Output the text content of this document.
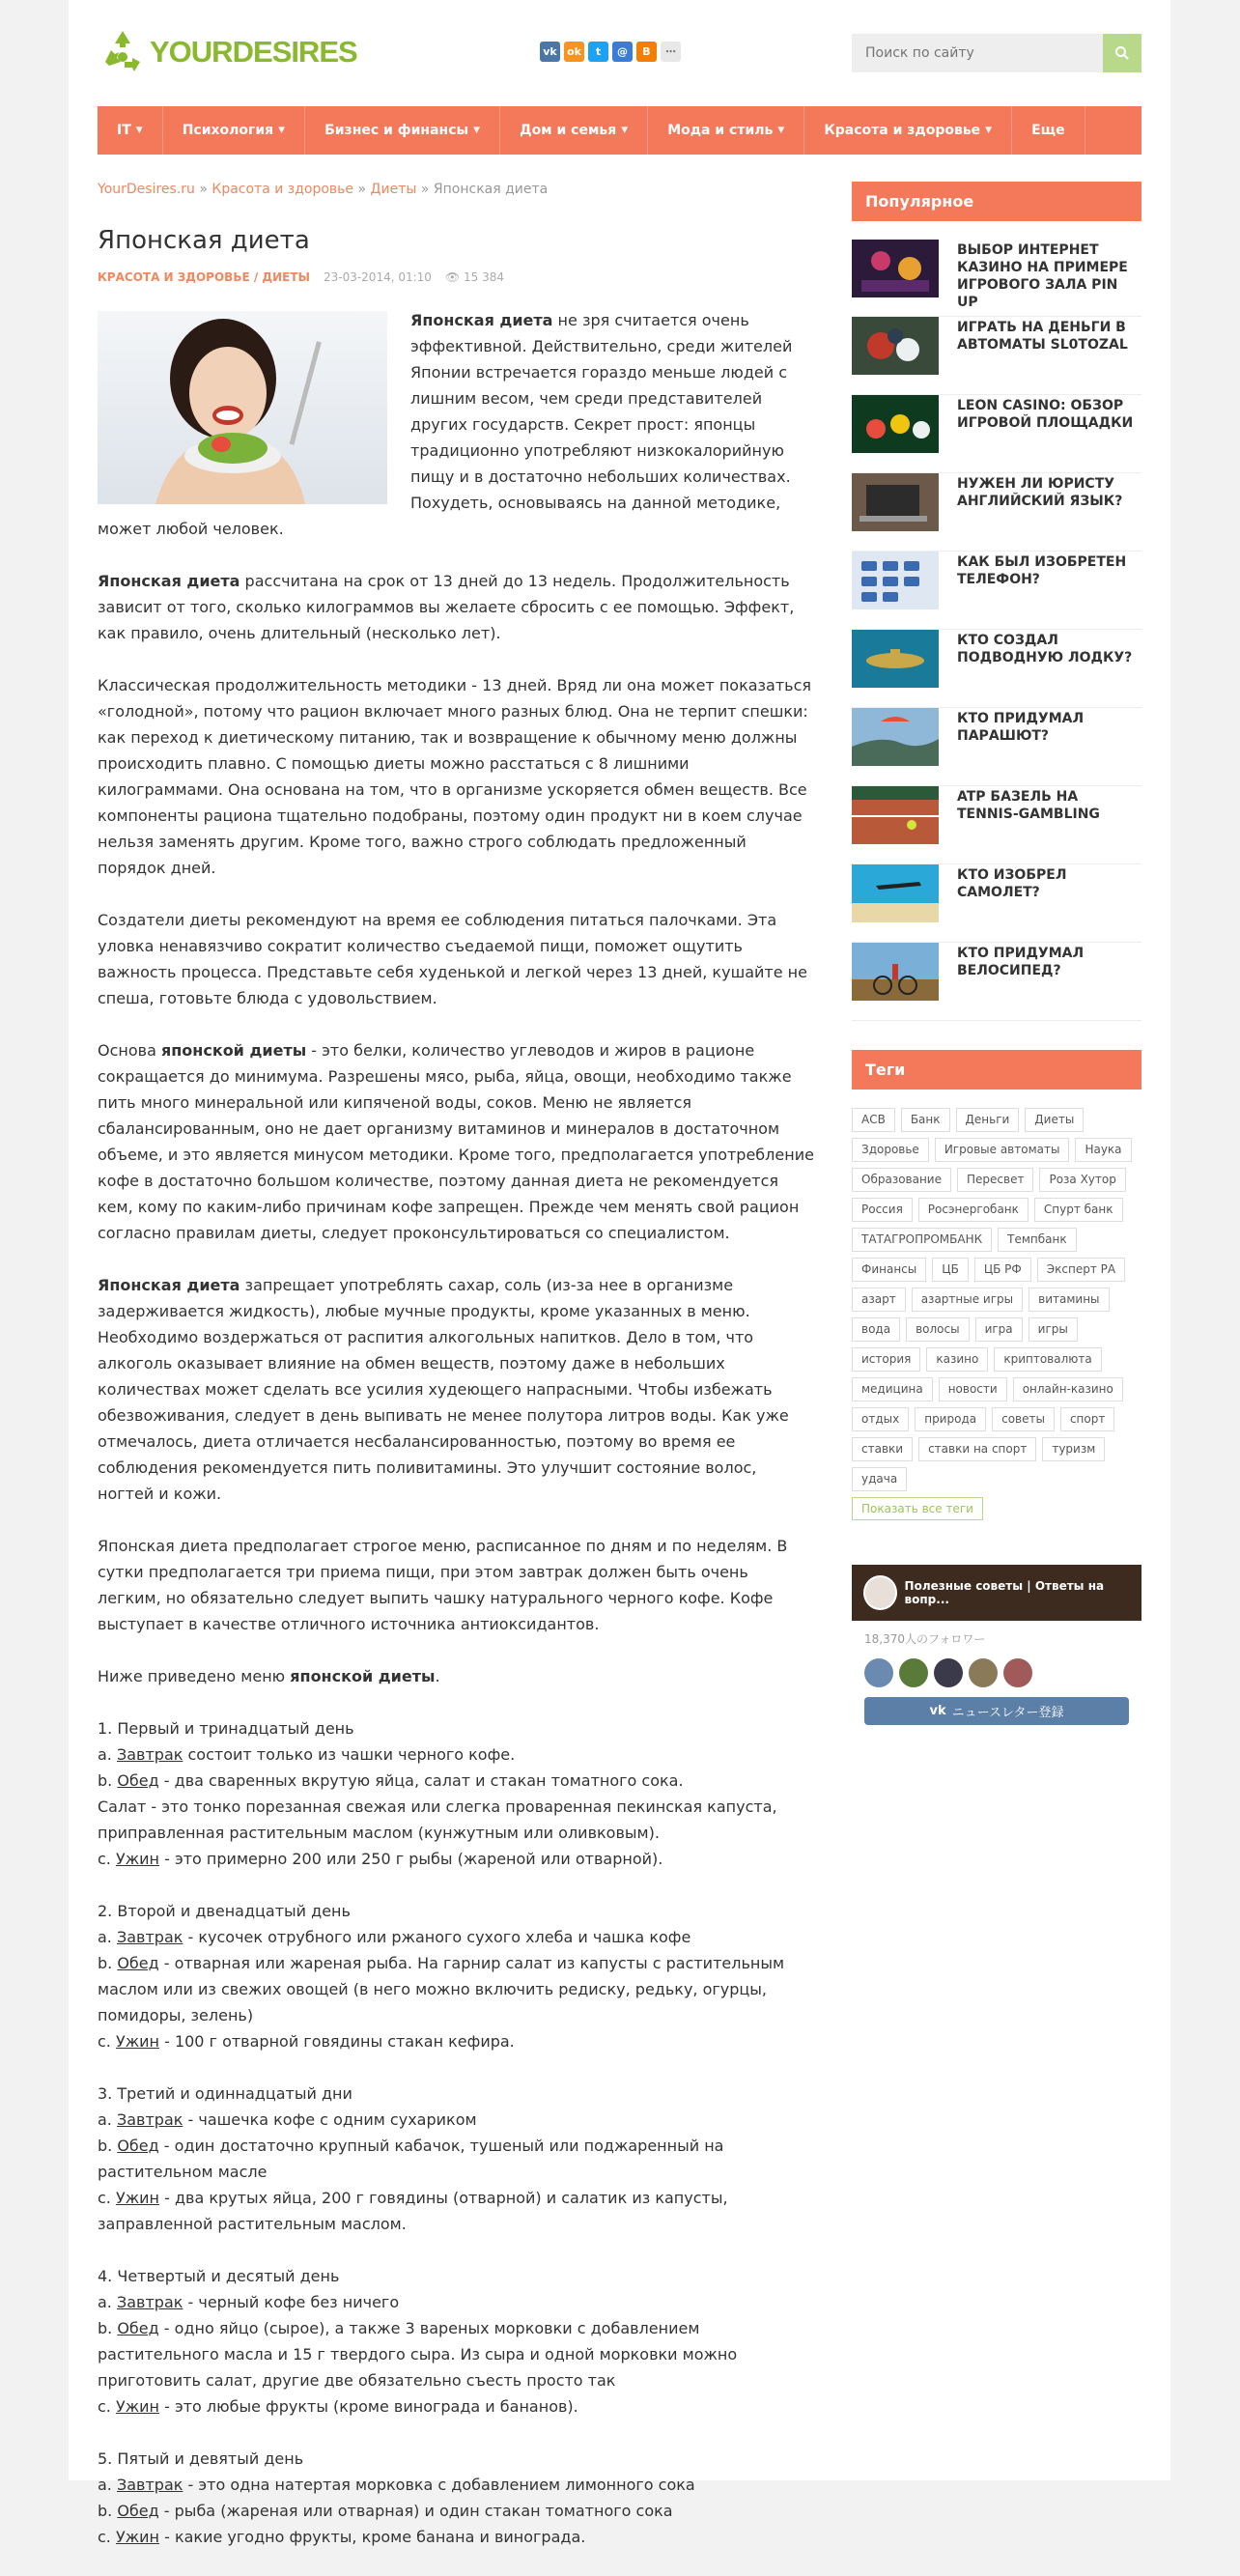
YOURDESIRES	vk ok	t	@	B	⋯
Поиск по сайту
IT ▼	Психология ▼	Бизнес и финансы ▼	Дом и семья ▼	Мода и стиль ▼	Красота и здоровье ▼	Еще
YourDesires.ru » Красота и здоровье » Диеты » Японская диета
Японская диета
КРАСОТА И ЗДОРОВЬЕ / ДИЕТЫ 23-03-2014, 01:10 👁 15 384

Японская диета не зря считается очень эффективной. Действительно, среди жителей Японии встречается гораздо меньше людей с лишним весом, чем среди представителей других государств. Секрет прост: японцы традиционно употребляют низкокалорийную пищу и в достаточно небольших количествах. Похудеть, основываясь на данной методике, может любой человек.

Японская диета рассчитана на срок от 13 дней до 13 недель. Продолжительность зависит от того, сколько килограммов вы желаете сбросить с ее помощью. Эффект, как правило, очень длительный (несколько лет).

Классическая продолжительность методики - 13 дней. Вряд ли она может показаться «голодной», потому что рацион включает много разных блюд. Она не терпит спешки: как переход к диетическому питанию, так и возвращение к обычному меню должны происходить плавно. С помощью диеты можно расстаться с 8 лишними килограммами. Она основана на том, что в организме ускоряется обмен веществ. Все компоненты рациона тщательно подобраны, поэтому один продукт ни в коем случае нельзя заменять другим. Кроме того, важно строго соблюдать предложенный порядок дней.

Создатели диеты рекомендуют на время ее соблюдения питаться палочками. Эта уловка ненавязчиво сократит количество съедаемой пищи, поможет ощутить важность процесса. Представьте себя худенькой и легкой через 13 дней, кушайте не спеша, готовьте блюда с удовольствием.

Основа японской диеты - это белки, количество углеводов и жиров в рационе сокращается до минимума. Разрешены мясо, рыба, яйца, овощи, необходимо также пить много минеральной или кипяченой воды, соков. Меню не является сбалансированным, оно не дает организму витаминов и минералов в достаточном объеме, и это является минусом методики. Кроме того, предполагается употребление кофе в достаточно большом количестве, поэтому данная диета не рекомендуется кем, кому по каким-либо причинам кофе запрещен. Прежде чем менять свой рацион согласно правилам диеты, следует проконсультироваться со специалистом.

Японская диета запрещает употреблять сахар, соль (из-за нее в организме задерживается жидкость), любые мучные продукты, кроме указанных в меню. Необходимо воздержаться от распития алкогольных напитков. Дело в том, что алкоголь оказывает влияние на обмен веществ, поэтому даже в небольших количествах может сделать все усилия худеющего напрасными. Чтобы избежать обезвоживания, следует в день выпивать не менее полутора литров воды. Как уже отмечалось, диета отличается несбалансированностью, поэтому во время ее соблюдения рекомендуется пить поливитамины. Это улучшит состояние волос, ногтей и кожи.

Японская диета предполагает строгое меню, расписанное по дням и по неделям. В сутки предполагается три приема пищи, при этом завтрак должен быть очень легким, но обязательно следует выпить чашку натурального черного кофе. Кофе выступает в качестве отличного источника антиоксидантов.

Ниже приведено меню японской диеты.

1. Первый и тринадцатый день
a. Завтрак состоит только из чашки черного кофе.
b. Обед - два сваренных вкрутую яйца, салат и стакан томатного сока.
Салат - это тонко порезанная свежая или слегка проваренная пекинская капуста, приправленная растительным маслом (кунжутным или оливковым).
c. Ужин - это примерно 200 или 250 г рыбы (жареной или отварной).

2. Второй и двенадцатый день
a. Завтрак - кусочек отрубного или ржаного сухого хлеба и чашка кофе
b. Обед - отварная или жареная рыба. На гарнир салат из капусты с растительным маслом или из свежих овощей (в него можно включить редиску, редьку, огурцы, помидоры, зелень)
c. Ужин - 100 г отварной говядины стакан кефира.

3. Третий и одиннадцатый дни
a. Завтрак - чашечка кофе с одним сухариком
b. Обед - один достаточно крупный кабачок, тушеный или поджаренный на растительном масле
c. Ужин - два крутых яйца, 200 г говядины (отварной) и салатик из капусты, заправленной растительным маслом.

4. Четвертый и десятый день
a. Завтрак - черный кофе без ничего
b. Обед - одно яйцо (сырое), а также 3 вареных морковки с добавлением растительного масла и 15 г твердого сыра. Из сыра и одной морковки можно приготовить салат, другие две обязательно съесть просто так
c. Ужин - это любые фрукты (кроме винограда и бананов).

5. Пятый и девятый день
a. Завтрак - это одна натертая морковка с добавлением лимонного сока
b. Обед - рыба (жареная или отварная) и один стакан томатного сока
c. Ужин - какие угодно фрукты, кроме банана и винограда.

Популярное
ВЫБОР ИНТЕРНЕТ КАЗИНО НА ПРИМЕРЕ ИГРОВОГО ЗАЛА PIN UP
ИГРАТЬ НА ДЕНЬГИ В АВТОМАТЫ SL0TOZAL
LEON CASINO: ОБЗОР ИГРОВОЙ ПЛОЩАДКИ
НУЖЕН ЛИ ЮРИСТУ АНГЛИЙСКИЙ ЯЗЫК?
КАК БЫЛ ИЗОБРЕТЕН ТЕЛЕФОН?
КТО СОЗДАЛ ПОДВОДНУЮ ЛОДКУ?
КТО ПРИДУМАЛ ПАРАШЮТ?
ATP БАЗЕЛЬ НА TENNIS-GAMBLING
КТО ИЗОБРЕЛ САМОЛЕТ?
КТО ПРИДУМАЛ ВЕЛОСИПЕД?
Теги
АСВ	Банк	Деньги	Диеты
Здоровье	Игровые автоматы	Наука
Образование	Пересвет	Роза Хутор
Россия	Росэнергобанк	Спурт банк
ТАТАГРОПРОМБАНК	Темпбанк
Финансы	ЦБ	ЦБ РФ	Эксперт РА
азарт	азартные игры	витамины
вода	волосы	игра	игры
история	казино	криптовалюта
медицина	новости	онлайн-казино
отдых	природа	советы	спорт
ставки	ставки на спорт	туризм
удача
Показать все теги
Полезные советы | Ответы на вопр...
18,370人のフォロワー
vk ニュースレター登録
